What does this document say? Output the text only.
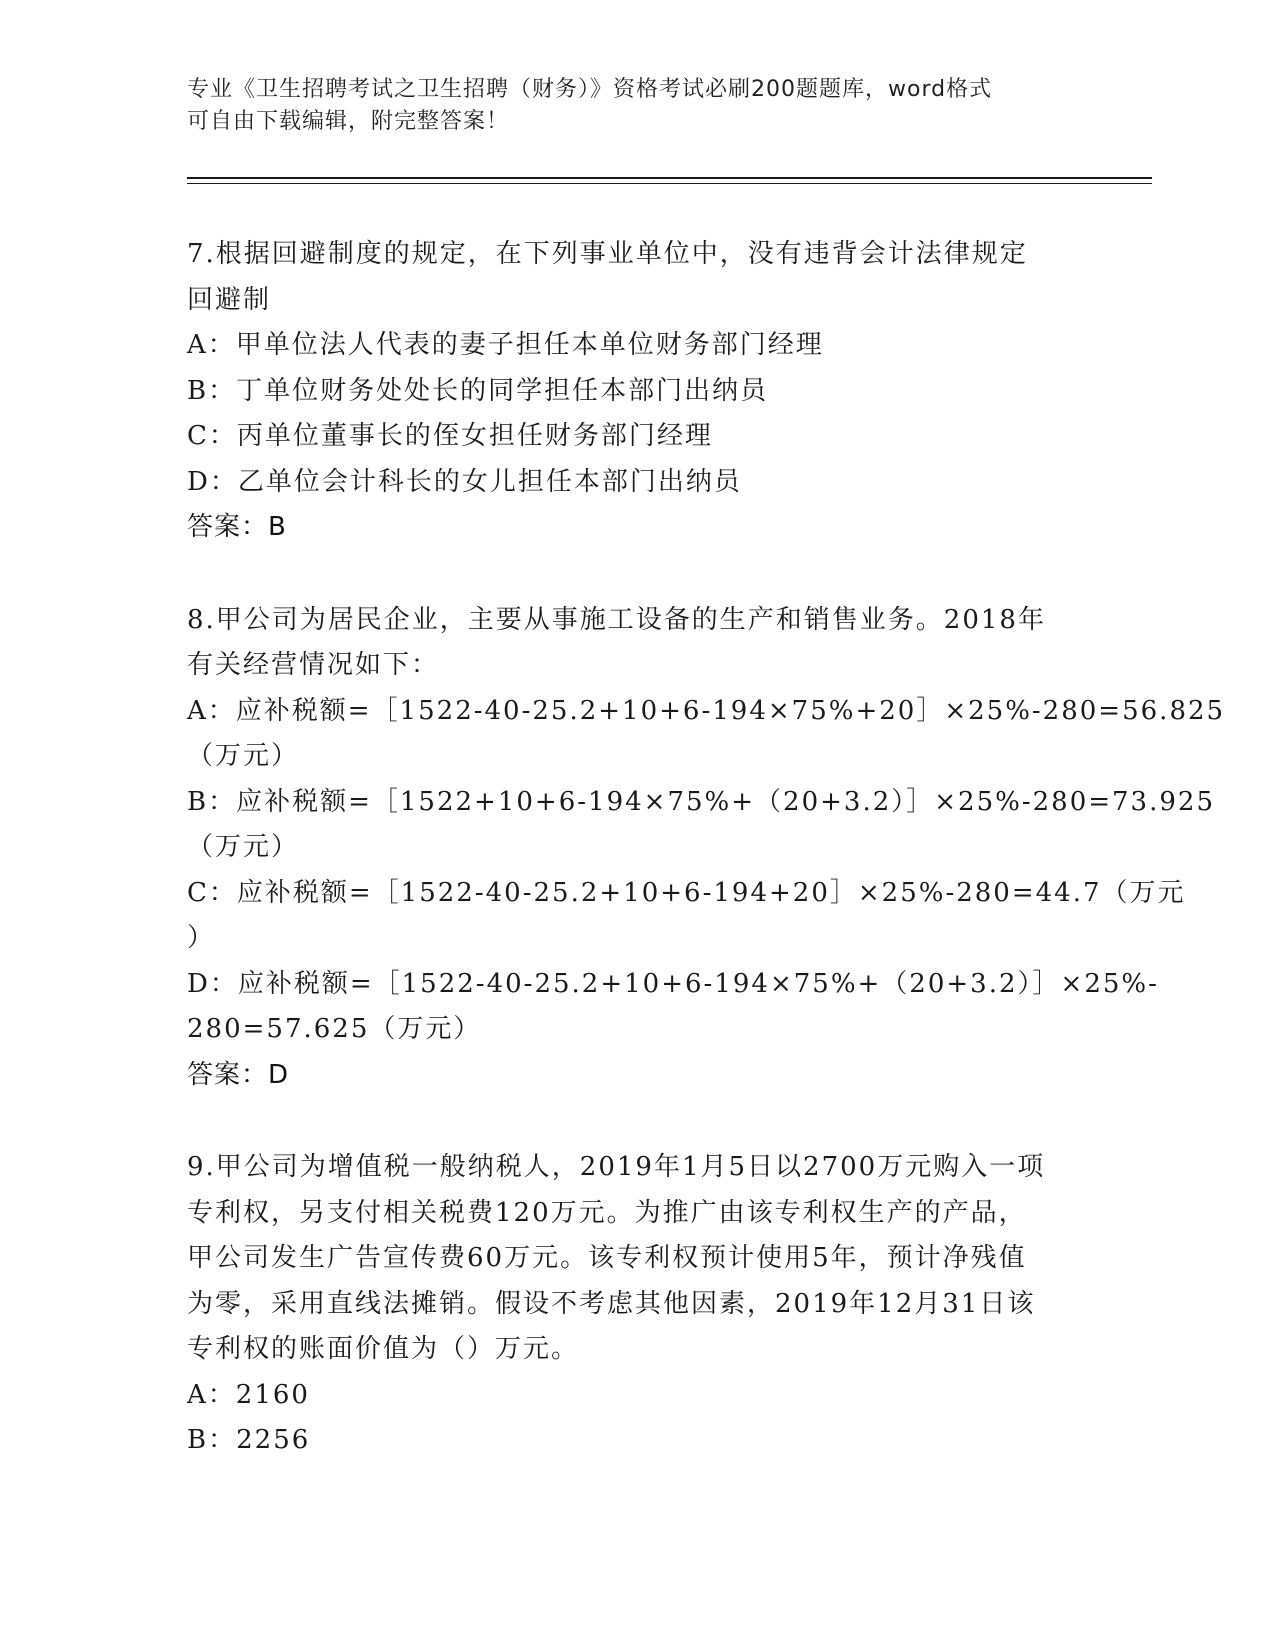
专业《卫生招聘考试之卫生招聘（财务）》资格考试必刷200题题库，word格式

可自由下载编辑，附完整答案！

7.根据回避制度的规定，在下列事业单位中，没有违背会计法律规定

回避制

A：甲单位法人代表的妻子担任本单位财务部门经理

B：丁单位财务处处长的同学担任本部门出纳员

C：丙单位董事长的侄女担任财务部门经理

D：乙单位会计科长的女儿担任本部门出纳员

答案：B

8.甲公司为居民企业，主要从事施工设备的生产和销售业务。2018年

有关经营情况如下：

A：应补税额=［1522-40-25.2+10+6-194×75%+20］×25%-280=56.825

（万元）

B：应补税额=［1522+10+6-194×75%+（20+3.2）］×25%-280=73.925

（万元）

C：应补税额=［1522-40-25.2+10+6-194+20］×25%-280=44.7（万元

）

D：应补税额=［1522-40-25.2+10+6-194×75%+（20+3.2）］×25%-

280=57.625（万元）

答案：D

9.甲公司为增值税一般纳税人，2019年1月5日以2700万元购入一项

专利权，另支付相关税费120万元。为推广由该专利权生产的产品，

甲公司发生广告宣传费60万元。该专利权预计使用5年，预计净残值

为零，采用直线法摊销。假设不考虑其他因素，2019年12月31日该

专利权的账面价值为（）万元。

A：2160

B：2256
